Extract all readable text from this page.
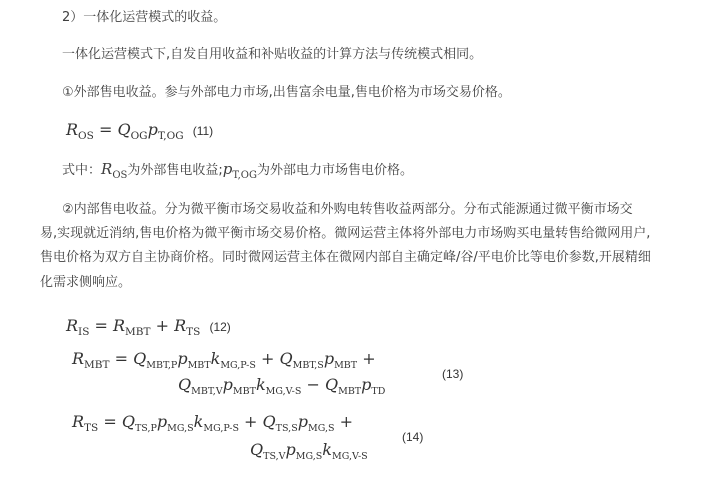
2）一体化运营模式的收益。
一体化运营模式下,自发自用收益和补贴收益的计算方法与传统模式相同。
①外部售电收益。参与外部电力市场,出售富余电量,售电价格为市场交易价格。
$R_{OS} = Q_{OG}p_{T,OG}$ (11)
式中：$R_{OS}$为外部售电收益$;p_{T,OG}$为外部电力市场售电价格。
②内部售电收益。分为微平衡市场交易收益和外购电转售收益两部分。分布式能源通过微平衡市场交
易,实现就近消纳,售电价格为微平衡市场交易价格。微网运营主体将外部电力市场购买电量转售给微网用户,
售电价格为双方自主协商价格。同时微网运营主体在微网内部自主确定峰/谷/平电价比等电价参数,开展精细
化需求侧响应。
$R_{IS} = R_{MBT} + R_{TS}$ (12)
$R_{MBT} = Q_{MBT,P}p_{MBT}k_{MG,P-S} + Q_{MBT,S}p_{MBT}$ +
$Q_{MBT,V}p_{MBT}k_{MG,V-S} - Q_{MBT}p_{TD}$
(13)
$R_{TS} = Q_{TS,P}p_{MG,S}k_{MG,P-S} + Q_{TS,S}p_{MG,S}$ +
$Q_{TS,V}p_{MG,S}k_{MG,V-S}$
(14)
